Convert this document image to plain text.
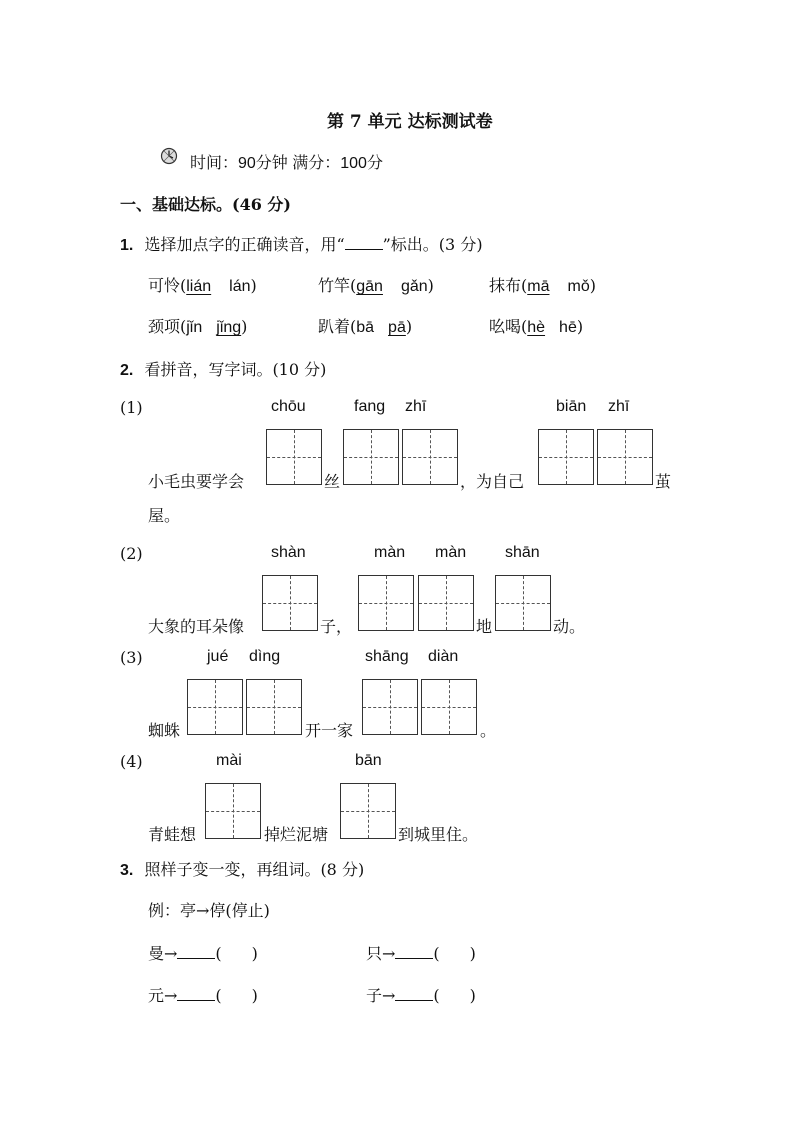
第 7 单元 达标测试卷
时间：90分钟 满分：100分
一、基础达标。(46 分)
1. 选择加点字的正确读音，用“ ”标出。(3 分)
可怜(lián lán)	竹竿(gān gǎn)	抹布(mā mǒ)
颈项(jǐn jǐng)	趴着(bā pā)	吆喝(hè hē)
2. 看拼音，写字词。(10 分)
(1)	chōu	fang zhī	biān zhī
小毛虫要学会	丝	，为自己	茧
屋。
(2)	shàn	màn màn shān
大象的耳朵像	子，	地	动。
(3)	jué dìng	shāng diàn
蜘蛛	开一家	。
(4)	mài	bān
青蛙想	掉烂泥塘	到城里住。
3. 照样子变一变，再组词。(8 分)
例：亭→停(停止)
曼→ ( )	只→ ( )
元→ ( )	子→ ( )
